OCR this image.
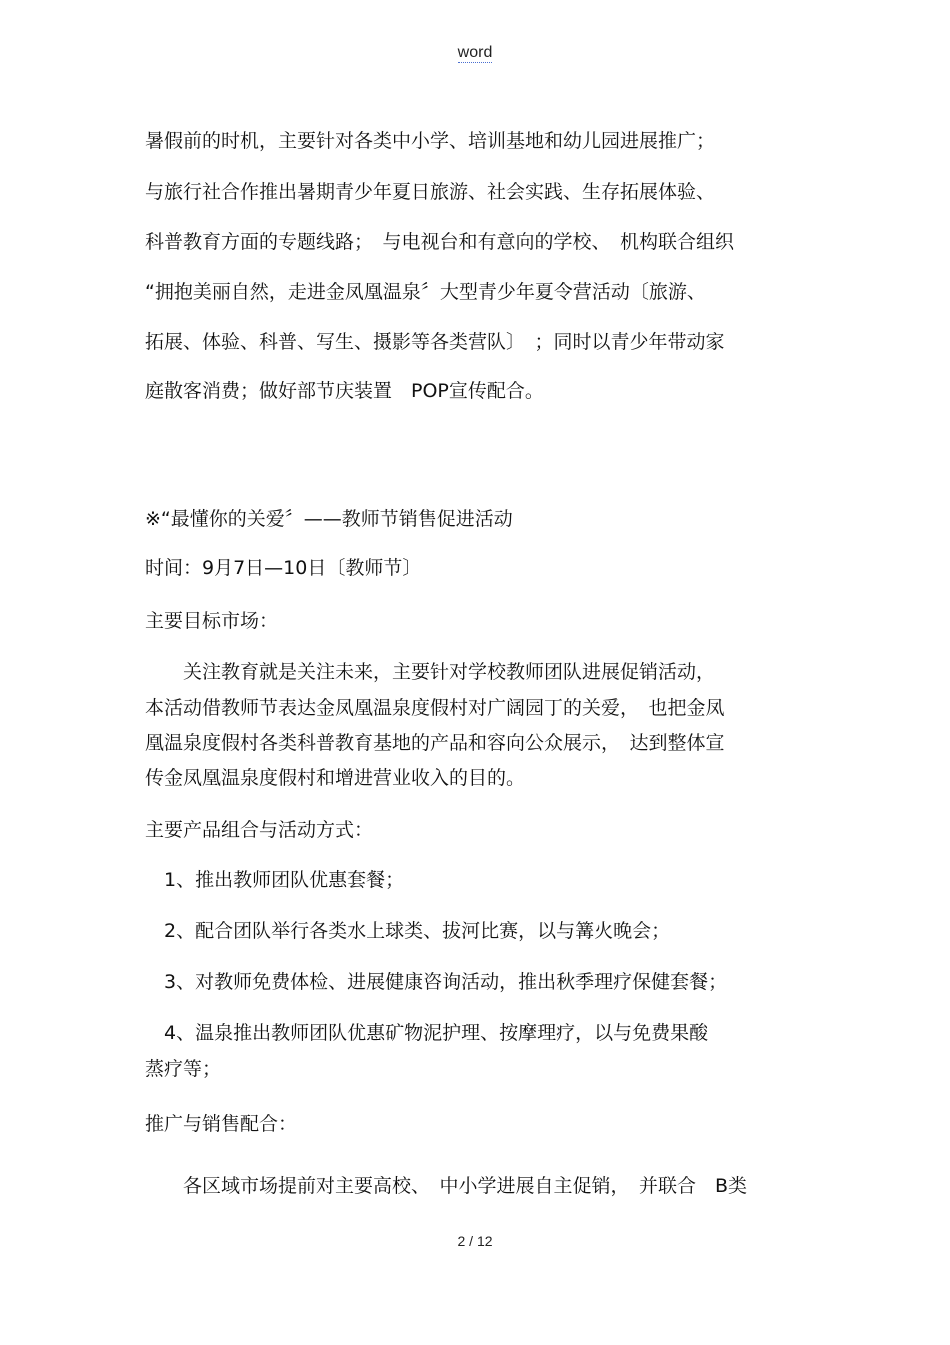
word
暑假前的时机，主要针对各类中小学、培训基地和幼儿园进展推广；
与旅行社合作推出暑期青少年夏日旅游、社会实践、生存拓展体验、
科普教育方面的专题线路；　与电视台和有意向的学校、　机构联合组织
“拥抱美丽自然，走进金凤凰温泉〞大型青少年夏令营活动〔旅游、
拓展、体验、科普、写生、摄影等各类营队〕　；同时以青少年带动家
庭散客消费；做好部节庆装置　POP宣传配合。
※“最懂你的关爱〞——教师节销售促进活动
时间：9月7日—10日〔教师节〕
主要目标市场：
　　关注教育就是关注未来，主要针对学校教师团队进展促销活动，
本活动借教师节表达金凤凰温泉度假村对广阔园丁的关爱，　也把金凤
凰温泉度假村各类科普教育基地的产品和容向公众展示，　达到整体宣
传金凤凰温泉度假村和增进营业收入的目的。
主要产品组合与活动方式：
　1、推出教师团队优惠套餐；
　2、配合团队举行各类水上球类、拔河比赛，以与篝火晚会；
　3、对教师免费体检、进展健康咨询活动，推出秋季理疗保健套餐；
　4、温泉推出教师团队优惠矿物泥护理、按摩理疗，以与免费果酸
蒸疗等；
推广与销售配合：
　　各区域市场提前对主要高校、　中小学进展自主促销，　并联合　B类
2 / 12
